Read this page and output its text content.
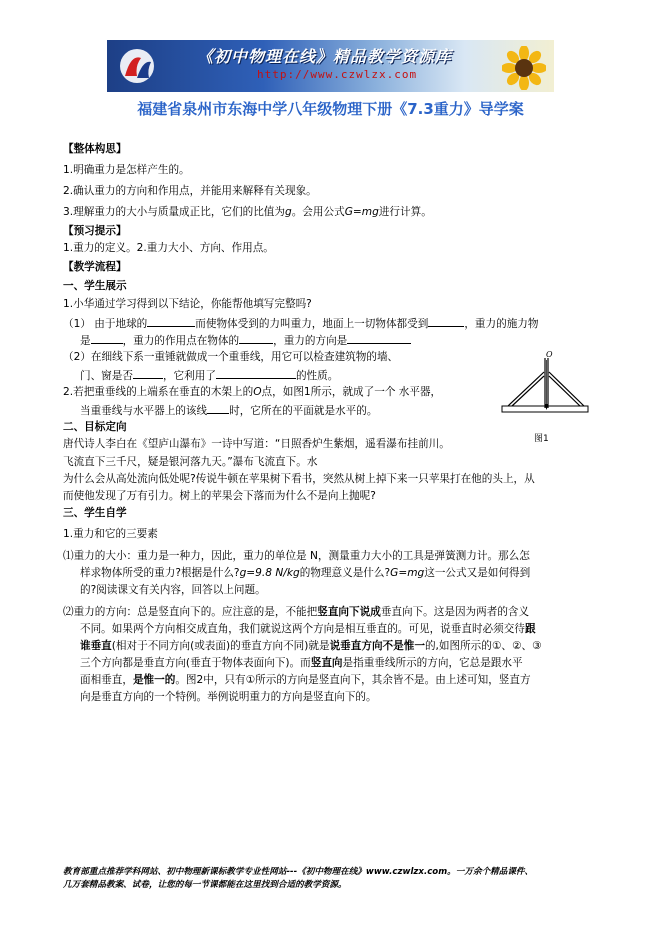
《初中物理在线》精品教学资源库
http://www.czwlzx.com
福建省泉州市东海中学八年级物理下册《7.3重力》导学案
【整体构思】
1.明确重力是怎样产生的。
2.确认重力的方向和作用点，并能用来解释有关现象。
3.理解重力的大小与质量成正比，它们的比值为g。会用公式G=mg进行计算。
【预习提示】
1.重力的定义。2.重力大小、方向、作用点。
【教学流程】
一、学生展示
1.小华通过学习得到以下结论，你能帮他填写完整吗?
（1） 由于地球的	而使物体受到的力叫重力，地面上一切物体都受到	，重力的施力物
是	，重力的作用点在物体的	，重力的方向是
（2）在细线下系一重锤就做成一个重垂线，用它可以检查建筑物的墙、
门、窗是否	，它利用了	的性质。
2.若把重垂线的上端系在垂直的木架上的O点，如图1所示，就成了一个 水平器，
当重垂线与水平器上的该线 时，它所在的平面就是水平的。
O
图1
二、目标定向
唐代诗人李白在《望庐山瀑布》一诗中写道：“日照香炉生紫烟，遥看瀑布挂前川。
飞流直下三千尺，疑是银河落九天。”瀑布飞流直下。水
为什么会从高处流向低处呢?传说牛顿在苹果树下看书，突然从树上掉下来一只苹果打在他的头上，从
而使他发现了万有引力。树上的苹果会下落而为什么不是向上抛呢?
三、学生自学
1.重力和它的三要素
⑴重力的大小：重力是一种力，因此，重力的单位是 N，测量重力大小的工具是弹簧测力计。那么怎
样求物体所受的重力?根据是什么?g=9.8 N/kg的物理意义是什么?G=mg这一公式又是如何得到
的?阅读课文有关内容，回答以上问题。
⑵重力的方向：总是竖直向下的。应注意的是，不能把竖直向下说成垂直向下。这是因为两者的含义
不同。如果两个方向相交成直角，我们就说这两个方向是相互垂直的。可见，说垂直时必须交待跟
谁垂直(相对于不同方向(或表面)的垂直方向不同)就是说垂直方向不是惟一的,如图所示的①、②、③
三个方向都是垂直方向(垂直于物体表面向下)。而竖直向是指重垂线所示的方向，它总是跟水平
面相垂直，是惟一的。图2中，只有①所示的方向是竖直向下，其余皆不是。由上述可知，竖直方
向是垂直方向的一个特例。举例说明重力的方向是竖直向下的。
教育部重点推荐学科网站、初中物理新课标教学专业性网站---《初中物理在线》www.czwlzx.com。一万余个精品课件、
几万套精品教案、试卷，让您的每一节课都能在这里找到合适的教学资源。
